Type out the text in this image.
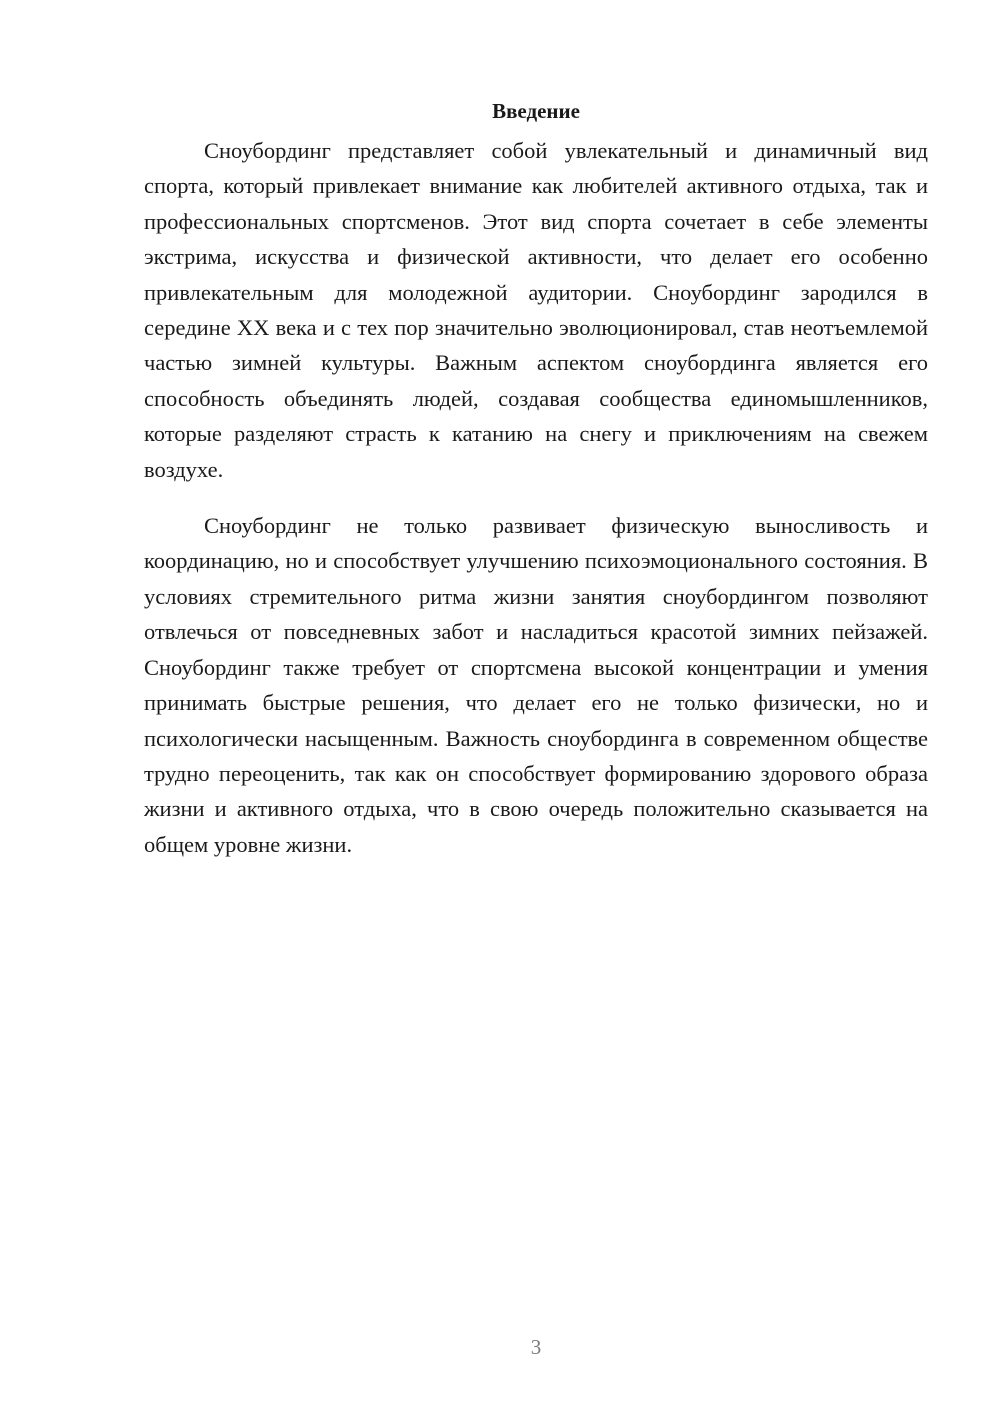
Введение

Сноубординг представляет собой увлекательный и динамичный вид спорта, который привлекает внимание как любителей активного отдыха, так и профессиональных спортсменов. Этот вид спорта сочетает в себе элементы экстрима, искусства и физической активности, что делает его особенно привлекательным для молодежной аудитории. Сноубординг зародился в середине XX века и с тех пор значительно эволюционировал, став неотъемлемой частью зимней культуры. Важным аспектом сноубординга является его способность объединять людей, создавая сообщества единомышленников, которые разделяют страсть к катанию на снегу и приключениям на свежем воздухе.

Сноубординг не только развивает физическую выносливость и координацию, но и способствует улучшению психоэмоционального состояния. В условиях стремительного ритма жизни занятия сноубордингом позволяют отвлечься от повседневных забот и насладиться красотой зимних пейзажей. Сноубординг также требует от спортсмена высокой концентрации и умения принимать быстрые решения, что делает его не только физически, но и психологически насыщенным. Важность сноубординга в современном обществе трудно переоценить, так как он способствует формированию здорового образа жизни и активного отдыха, что в свою очередь положительно сказывается на общем уровне жизни.

3
